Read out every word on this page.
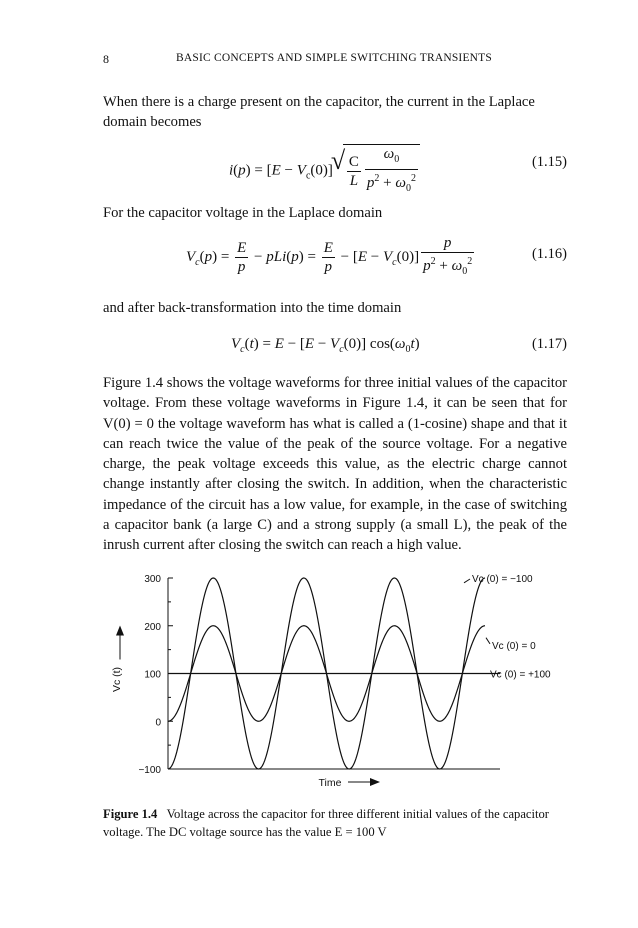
8	BASIC CONCEPTS AND SIMPLE SWITCHING TRANSIENTS

When there is a charge present on the capacitor, the current in the Laplace domain becomes

$i(p) = [E - V_c(0)]$
√ $\frac{C}{L} \frac{\omega_0}{p^2 + \omega_0^2}$	(1.15)

For the capacitor voltage in the Laplace domain

$V_c(p) = \frac{E}{p} - pLi(p) = \frac{E}{p} - [E - V_c(0)] \frac{p}{p^2 + \omega_0^2}$	(1.16)

and after back-transformation into the time domain

$V_c(t) = E - [E - V_c(0)]$ $\cos(\omega_0t)$	(1.17)

Figure 1.4 shows the voltage waveforms for three initial values of the capacitor voltage. From these voltage waveforms in Figure 1.4, it can be seen that for V(0) = 0 the voltage waveform has what is called a (1-cosine) shape and that it can reach twice the value of the peak of the source voltage. For a negative charge, the peak voltage exceeds this value, as the electric charge cannot change instantly after closing the switch. In addition, when the characteristic impedance of the circuit has a low value, for example, in the case of switching a capacitor bank (a large C) and a strong supply (a small L), the peak of the inrush current after closing the switch can reach a high value.

−100
0
100
200
300
Vc (t)
Time
Vc (0) = −100
Vc (0) = 0
Vc (0) = +100

Figure 1.4 Voltage across the capacitor for three different initial values of the capacitor voltage. The DC voltage source has the value E = 100 V
